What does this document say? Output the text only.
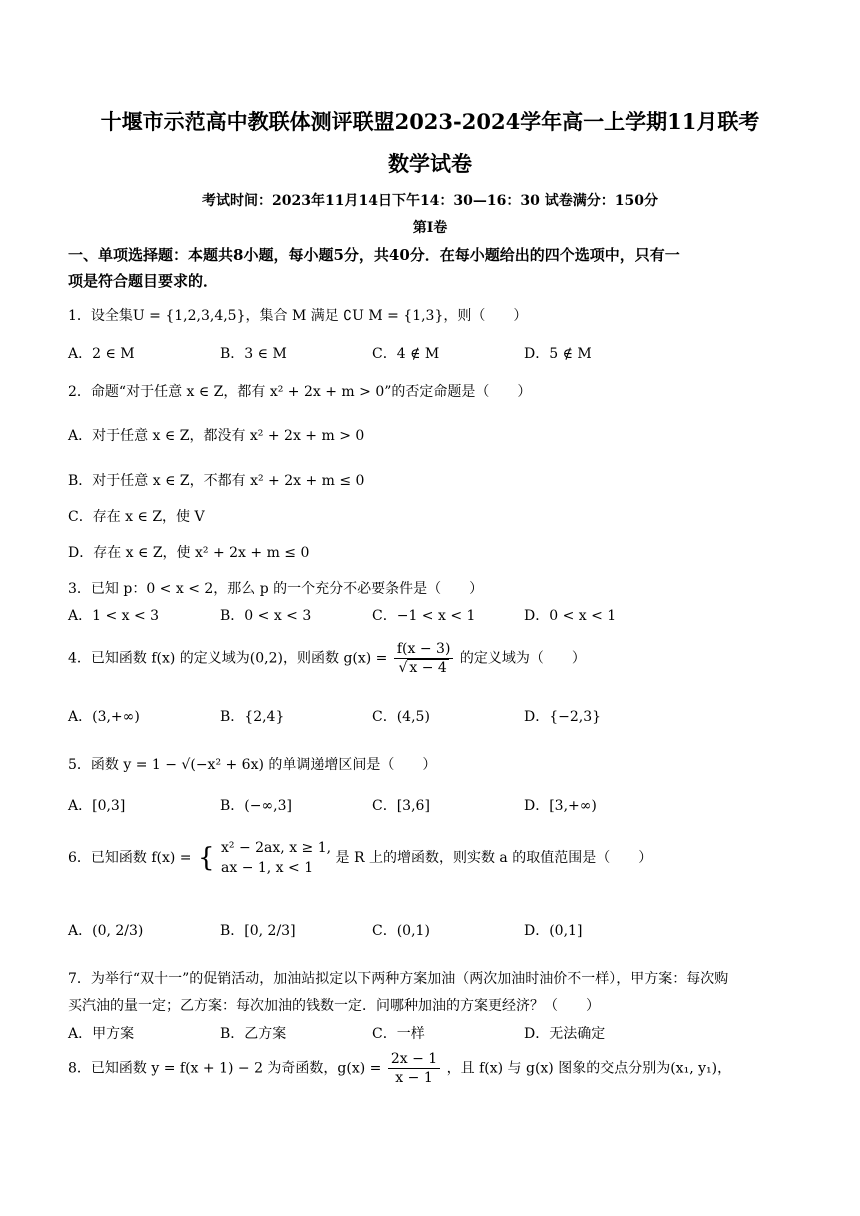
十堰市示范高中教联体测评联盟2023-2024学年高一上学期11月联考
数学试卷
考试时间：2023年11月14日下午14：30—16：30 试卷满分：150分
第Ⅰ卷
一、单项选择题：本题共8小题，每小题5分，共40分．在每小题给出的四个选项中，只有一
项是符合题目要求的．
1．设全集U = {1,2,3,4,5}，集合 M 满足 ∁U M = {1,3}，则（　　）
A．2 ∈ M	B．3 ∈ M	C．4 ∉ M	D．5 ∉ M
2．命题“对于任意 x ∈ Z，都有 x² + 2x + m > 0”的否定命题是（　　）
A．对于任意 x ∈ Z，都没有 x² + 2x + m > 0
B．对于任意 x ∈ Z，不都有 x² + 2x + m ≤ 0
C．存在 x ∈ Z，使 V
D．存在 x ∈ Z，使 x² + 2x + m ≤ 0
3．已知 p：0 < x < 2，那么 p 的一个充分不必要条件是（　　）
A．1 < x < 3	B．0 < x < 3	C．−1 < x < 1	D．0 < x < 1
4．已知函数 f(x) 的定义域为(0,2)，则函数 $g(x) = \frac{f(x - 3)}{√ x - 4}$ 的定义域为（　　）
A．(3,+∞)	B．{2,4}	C．(4,5)	D．{−2,3}
5．函数 y = 1 − √(−x² + 6x) 的单调递增区间是（　　）
A．[0,3]	B．(−∞,3]	C．[3,6]	D．[3,+∞)
6．已知函数 f(x) = { x² − 2ax, x ≥ 1,
ax − 1, x < 1
是 R 上的增函数，则实数 a 的取值范围是（　　）
A．(0, 2/3)	B．[0, 2/3]	C．(0,1)	D．(0,1]
7．为举行“双十一”的促销活动，加油站拟定以下两种方案加油（两次加油时油价不一样），甲方案：每次购
买汽油的量一定；乙方案：每次加油的钱数一定．问哪种加油的方案更经济？（　　）
A．甲方案	B．乙方案	C．一样	D．无法确定
8．已知函数 y = f(x + 1) − 2 为奇函数，$g(x) = \frac{2x - 1}{x - 1}$ ，且 f(x) 与 g(x) 图象的交点分别为(x₁, y₁)，
